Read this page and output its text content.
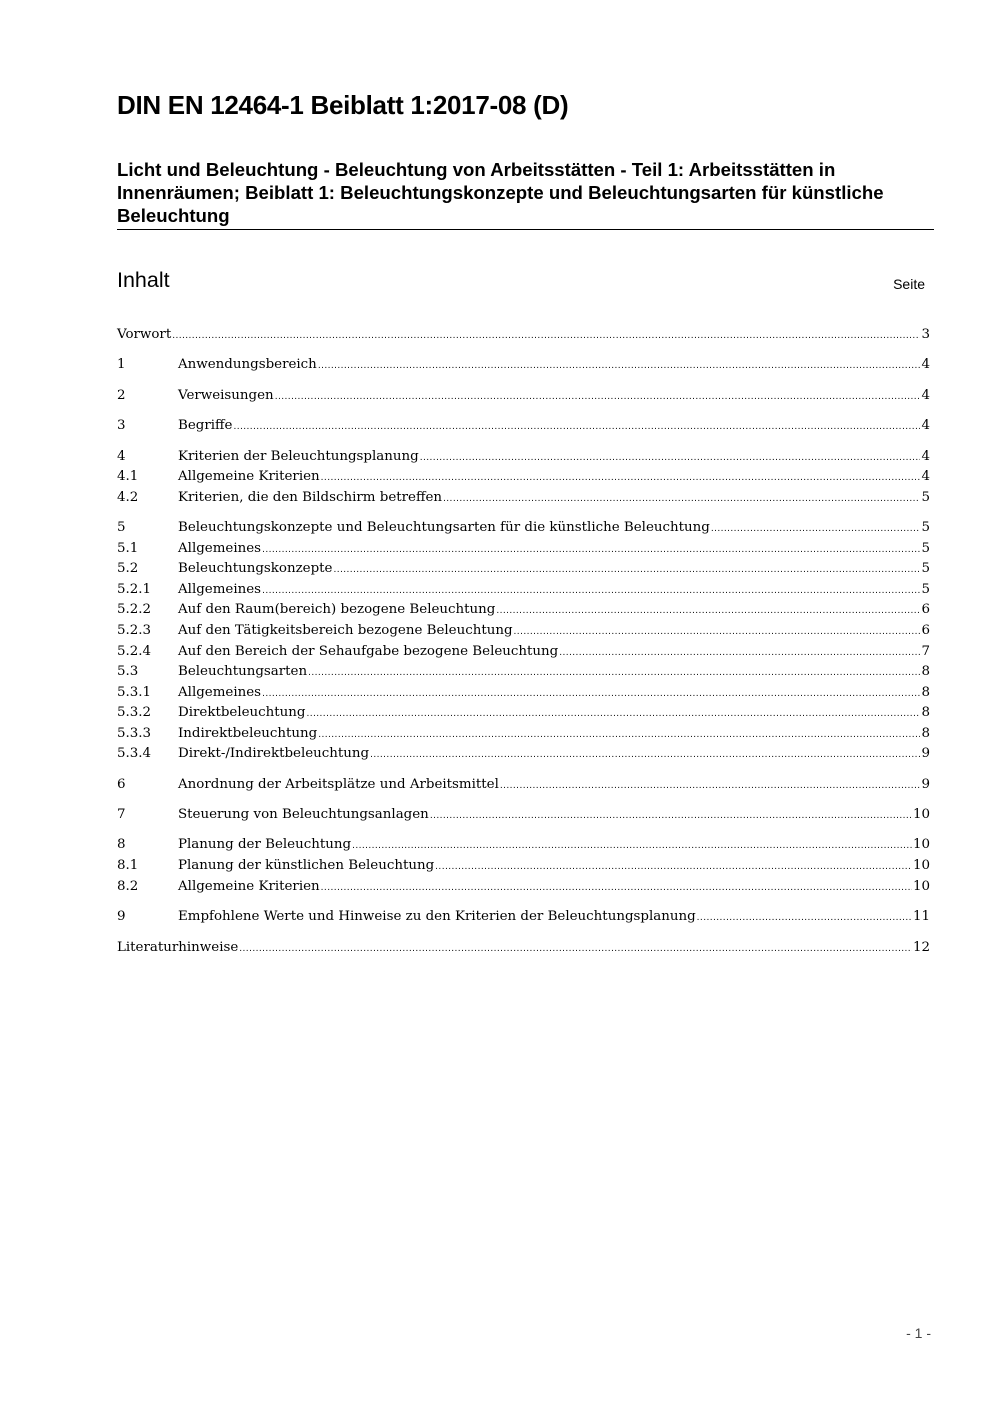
DIN EN 12464-1 Beiblatt 1:2017-08 (D)
Licht und Beleuchtung - Beleuchtung von Arbeitsstätten - Teil 1: Arbeitsstätten in Innenräumen; Beiblatt 1: Beleuchtungskonzepte und Beleuchtungsarten für künstliche Beleuchtung
Inhalt	Seite
Vorwort .....	3
1	Anwendungsbereich .....	4
2	Verweisungen .....	4
3	Begriffe .....	4
4	Kriterien der Beleuchtungsplanung .....	4
4.1	Allgemeine Kriterien .....	4
4.2	Kriterien, die den Bildschirm betreffen .....	5
5	Beleuchtungskonzepte und Beleuchtungsarten für die künstliche Beleuchtung .....	5
5.1	Allgemeines .....	5
5.2	Beleuchtungskonzepte .....	5
5.2.1	Allgemeines .....	5
5.2.2	Auf den Raum(bereich) bezogene Beleuchtung .....	6
5.2.3	Auf den Tätigkeitsbereich bezogene Beleuchtung .....	6
5.2.4	Auf den Bereich der Sehaufgabe bezogene Beleuchtung .....	7
5.3	Beleuchtungsarten .....	8
5.3.1	Allgemeines .....	8
5.3.2	Direktbeleuchtung .....	8
5.3.3	Indirektbeleuchtung .....	8
5.3.4	Direkt-/Indirektbeleuchtung .....	9
6	Anordnung der Arbeitsplätze und Arbeitsmittel .....	9
7	Steuerung von Beleuchtungsanlagen .....	10
8	Planung der Beleuchtung .....	10
8.1	Planung der künstlichen Beleuchtung .....	10
8.2	Allgemeine Kriterien .....	10
9	Empfohlene Werte und Hinweise zu den Kriterien der Beleuchtungsplanung .....	11
Literaturhinweise .....	12
- 1 -
